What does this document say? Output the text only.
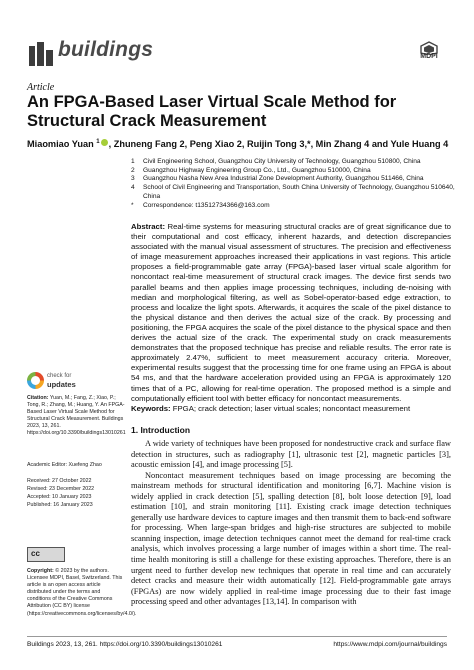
buildings	MDPI
Article
An FPGA-Based Laser Virtual Scale Method for Structural Crack Measurement
Miaomiao Yuan $^1$ , Zhuneng Fang 2, Peng Xiao 2, Ruijin Tong 3,*, Min Zhang 4 and Yule Huang 4
1 Civil Engineering School, Guangzhou City University of Technology, Guangzhou 510800, China
2 Guangzhou Highway Engineering Group Co., Ltd., Guangzhou 510000, China
3 Guangzhou Nasha New Area Industrial Zone Development Authority, Guangzhou 511466, China
4 School of Civil Engineering and Transportation, South China University of Technology, Guangzhou 510640, China
* Correspondence: t13512734366@163.com
Abstract: Real-time systems for measuring structural cracks are of great significance due to their computational and cost efficacy, inherent hazards, and detection discrepancies associated with the manual visual assessment of structures. The precision and effectiveness of image measurement approaches increased their applications in vast regions. This article proposes a field-programmable gate array (FPGA)-based laser virtual scale algorithm for noncontact real-time measurement of structural crack images. The device first sends two parallel beams and then applies image processing techniques, including de-noising with median and morphological filtering, as well as Sobel-operator-based edge extraction, to process and localize the light spots. Afterwards, it acquires the scale of the pixel distance to the physical distance and then derives the actual size of the crack. By processing and positioning, the FPGA acquires the scale of the pixel distance to the physical space and then derives the actual size of the crack. The experimental study on crack measurements demonstrates that the proposed technique has precise and reliable results. The error rate is approximately 2.47%, sufficient to meet measurement accuracy criteria. Moreover, experimental results suggest that the processing time for one frame using an FPGA is about 54 ms, and that the hardware acceleration provided using an FPGA is approximately 120 times that of a PC, allowing for real-time operation. The proposed method is a simple and computationally efficient tool with better efficacy for noncontact measurements.
Keywords: FPGA; crack detection; laser virtual scales; noncontact measurement
1. Introduction

A wide variety of techniques have been proposed for nondestructive crack and surface flaw detection in structures, such as radiography [1], ultrasonic test [2], magnetic particles [3], acoustic emission [4], and image processing [5].

Noncontact measurement techniques based on image processing are becoming the mainstream methods for structural identification and monitoring [6,7]. Machine vision is widely applied in crack detection [5], spalling detection [8], bolt loose detection [9], load estimation [10], and strain monitoring [11]. Existing crack image detection techniques generally use hardware devices to capture images and then transmit them to back-end software for processing. When large-span bridges and high-rise structures are subjected to mobile scanning inspection, image detection techniques cannot meet the demand for real-time crack analysis, which involves processing a large number of images within a short time. The real-time health monitoring is still a challenge for these existing approaches. Therefore, there is an urgent need to further develop new techniques that operate in real time and can accurately detect cracks and measure their width automatically [12]. Field-programmable gate arrays (FPGAs) are now widely applied in real-time image processing due to their fast image processing speed and other advantages [13,14]. In comparison with

check for
updates
Citation: Yuan, M.; Fang, Z.; Xiao, P.; Tong, R.; Zhang, M.; Huang, Y. An FPGA-Based Laser Virtual Scale Method for Structural Crack Measurement. Buildings 2023, 13, 261. https://doi.org/10.3390/buildings13010261
Academic Editor: Xuefeng Zhao
Received: 27 October 2022
Revised: 23 December 2022
Accepted: 10 January 2023
Published: 16 January 2023
cc
Copyright: © 2023 by the authors. Licensee MDPI, Basel, Switzerland. This article is an open access article distributed under the terms and conditions of the Creative Commons Attribution (CC BY) license (https://creativecommons.org/licenses/by/4.0/).
Buildings 2023, 13, 261. https://doi.org/10.3390/buildings13010261	https://www.mdpi.com/journal/buildings
